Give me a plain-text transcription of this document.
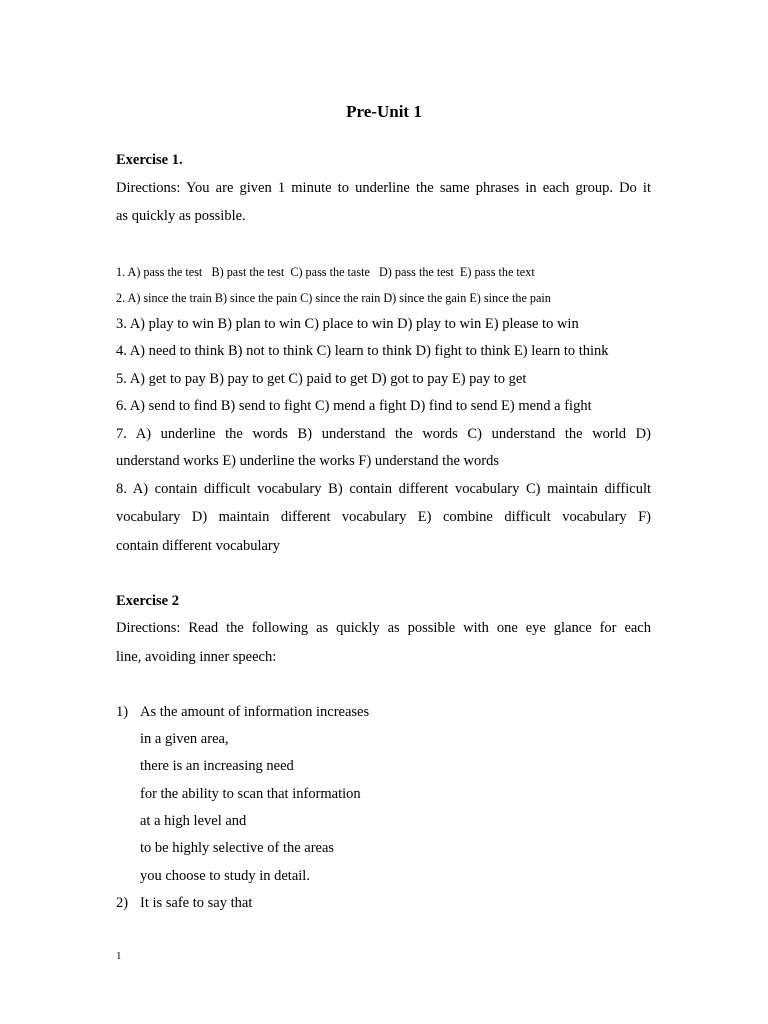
Pre-Unit 1
Exercise 1.
Directions: You are given 1 minute to underline the same phrases in each group. Do it
as quickly as possible.
1. A) pass the test   B) past the test  C) pass the taste   D) pass the test  E) pass the text
2. A) since the train B) since the pain C) since the rain D) since the gain E) since the pain
3. A) play to win B) plan to win C) place to win D) play to win E) please to win
4. A) need to think B) not to think C) learn to think D) fight to think E) learn to think
5. A) get to pay B) pay to get C) paid to get D) got to pay E) pay to get
6. A) send to find B) send to fight C) mend a fight D) find to send E) mend a fight
7. A) underline the words B) understand the words C) understand the world D)
understand works E) underline the works F) understand the words
8. A) contain difficult vocabulary B) contain different vocabulary C) maintain difficult
vocabulary D) maintain different vocabulary E) combine difficult vocabulary F)
contain different vocabulary
Exercise 2
Directions: Read the following as quickly as possible with one eye glance for each
line, avoiding inner speech:
1) As the amount of information increases
in a given area,
there is an increasing need
for the ability to scan that information
at a high level and
to be highly selective of the areas
you choose to study in detail.
2) It is safe to say that
1
